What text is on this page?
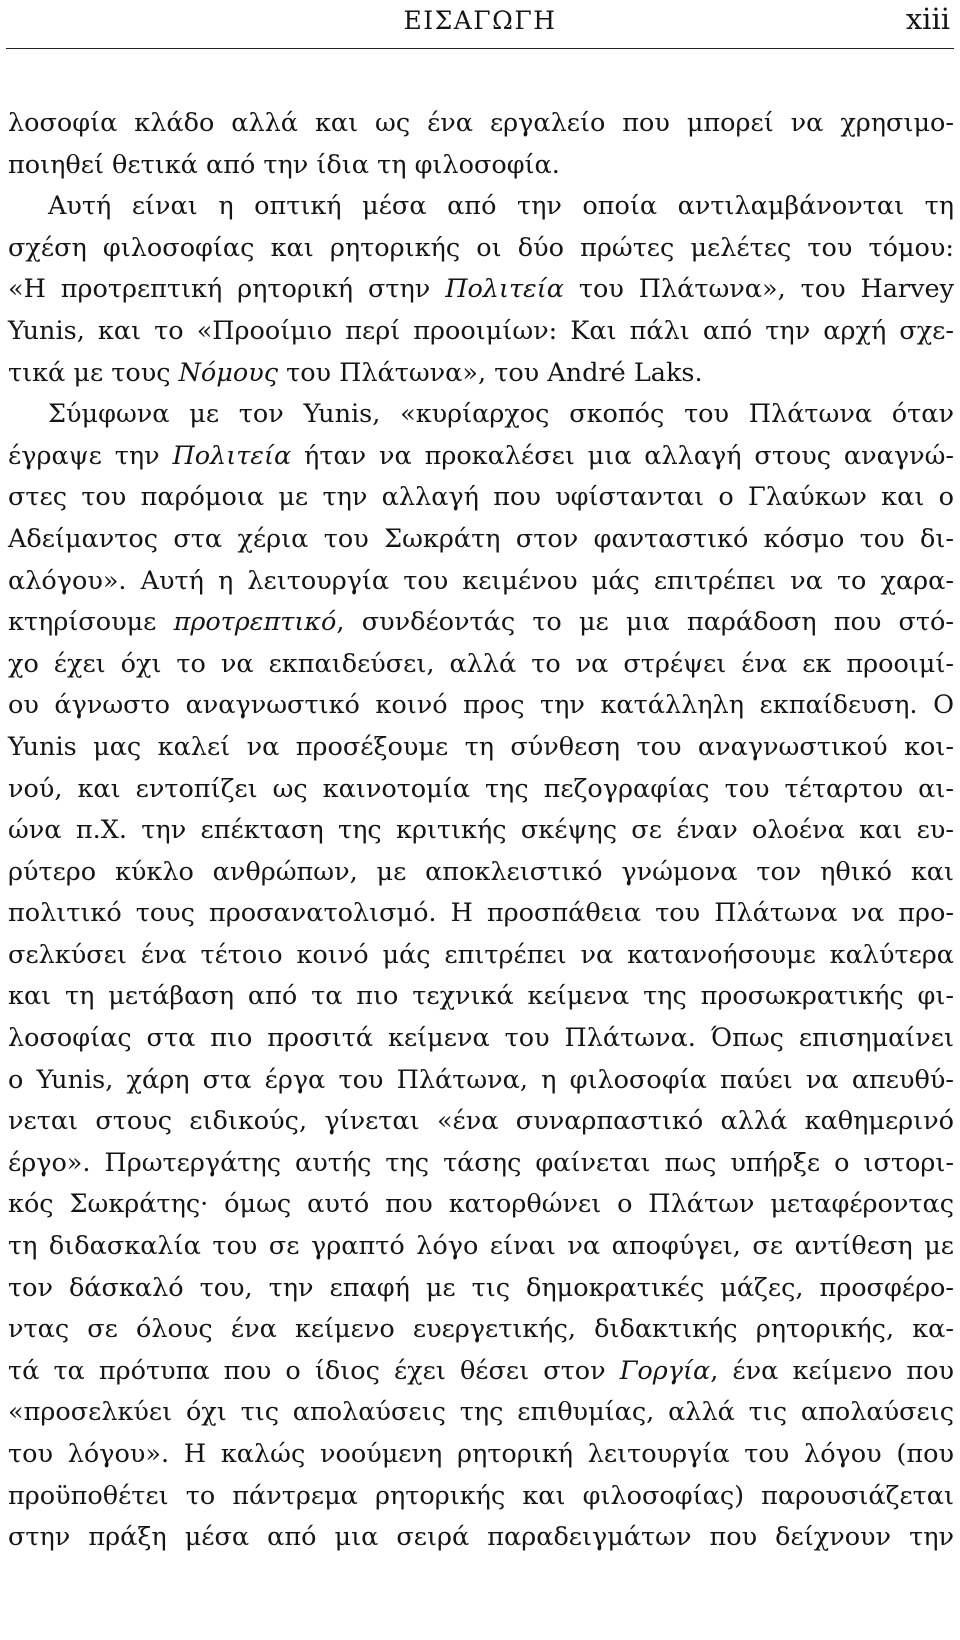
ΕΙΣΑΓΩΓΗ	xiii
λοσοφία κλάδο αλλά και ως ένα εργαλείο που μπορεί να χρησιμο-
ποιηθεί θετικά από την ίδια τη φιλοσοφία.
Αυτή είναι η οπτική μέσα από την οποία αντιλαμβάνονται τη
σχέση φιλοσοφίας και ρητορικής οι δύο πρώτες μελέτες του τόμου:
«Η προτρεπτική ρητορική στην Πολιτεία του Πλάτωνα», του Harvey
Yunis, και το «Προοίμιο περί προοιμίων: Και πάλι από την αρχή σχε-
τικά με τους Νόμους του Πλάτωνα», του André Laks.
Σύμφωνα με τον Yunis, «κυρίαρχος σκοπός του Πλάτωνα όταν
έγραψε την Πολιτεία ήταν να προκαλέσει μια αλλαγή στους αναγνώ-
στες του παρόμοια με την αλλαγή που υφίστανται ο Γλαύκων και ο
Αδείμαντος στα χέρια του Σωκράτη στον φανταστικό κόσμο του δι-
αλόγου». Αυτή η λειτουργία του κειμένου μάς επιτρέπει να το χαρα-
κτηρίσουμε προτρεπτικό, συνδέοντάς το με μια παράδοση που στό-
χο έχει όχι το να εκπαιδεύσει, αλλά το να στρέψει ένα εκ προοιμί-
ου άγνωστο αναγνωστικό κοινό προς την κατάλληλη εκπαίδευση. Ο
Yunis μας καλεί να προσέξουμε τη σύνθεση του αναγνωστικού κοι-
νού, και εντοπίζει ως καινοτομία της πεζογραφίας του τέταρτου αι-
ώνα π.Χ. την επέκταση της κριτικής σκέψης σε έναν ολοένα και ευ-
ρύτερο κύκλο ανθρώπων, με αποκλειστικό γνώμονα τον ηθικό και
πολιτικό τους προσανατολισμό. Η προσπάθεια του Πλάτωνα να προ-
σελκύσει ένα τέτοιο κοινό μάς επιτρέπει να κατανοήσουμε καλύτερα
και τη μετάβαση από τα πιο τεχνικά κείμενα της προσωκρατικής φι-
λοσοφίας στα πιο προσιτά κείμενα του Πλάτωνα. Όπως επισημαίνει
ο Yunis, χάρη στα έργα του Πλάτωνα, η φιλοσοφία παύει να απευθύ-
νεται στους ειδικούς, γίνεται «ένα συναρπαστικό αλλά καθημερινό
έργο». Πρωτεργάτης αυτής της τάσης φαίνεται πως υπήρξε ο ιστορι-
κός Σωκράτης· όμως αυτό που κατορθώνει ο Πλάτων μεταφέροντας
τη διδασκαλία του σε γραπτό λόγο είναι να αποφύγει, σε αντίθεση με
τον δάσκαλό του, την επαφή με τις δημοκρατικές μάζες, προσφέρο-
ντας σε όλους ένα κείμενο ευεργετικής, διδακτικής ρητορικής, κα-
τά τα πρότυπα που ο ίδιος έχει θέσει στον Γοργία, ένα κείμενο που
«προσελκύει όχι τις απολαύσεις της επιθυμίας, αλλά τις απολαύσεις
του λόγου». Η καλώς νοούμενη ρητορική λειτουργία του λόγου (που
προϋποθέτει το πάντρεμα ρητορικής και φιλοσοφίας) παρουσιάζεται
στην πράξη μέσα από μια σειρά παραδειγμάτων που δείχνουν την
